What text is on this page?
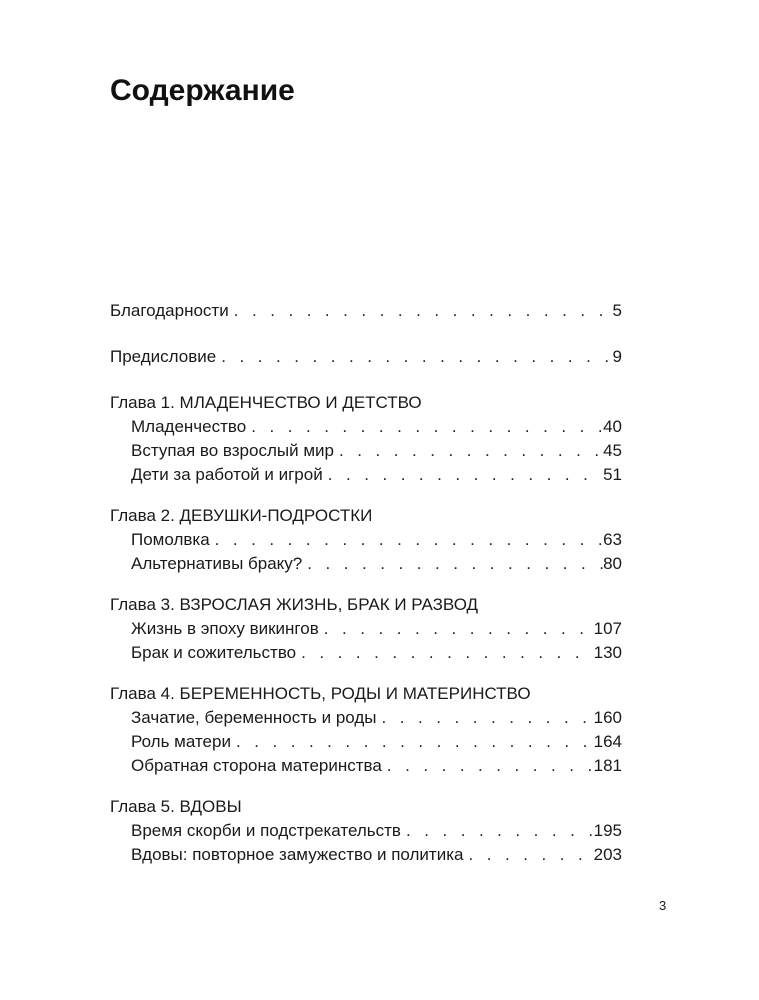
Содержание
Благодарности . . .	5
Предисловие . . .	9
Глава 1. МЛАДЕНЧЕСТВО И ДЕТСТВО
Младенчество . . .	40
Вступая во взрослый мир . . .	45
Дети за работой и игрой . . .	51
Глава 2. ДЕВУШКИ-ПОДРОСТКИ
Помолвка . . .	63
Альтернативы браку? . . .	80
Глава 3. ВЗРОСЛАЯ ЖИЗНЬ, БРАК И РАЗВОД
Жизнь в эпоху викингов . . .	107
Брак и сожительство . . .	130
Глава 4. БЕРЕМЕННОСТЬ, РОДЫ И МАТЕРИНСТВО
Зачатие, беременность и роды . . .	160
Роль матери . . .	164
Обратная сторона материнства . . .	181
Глава 5. ВДОВЫ
Время скорби и подстрекательств . . .	195
Вдовы: повторное замужество и политика . . .	203
3
